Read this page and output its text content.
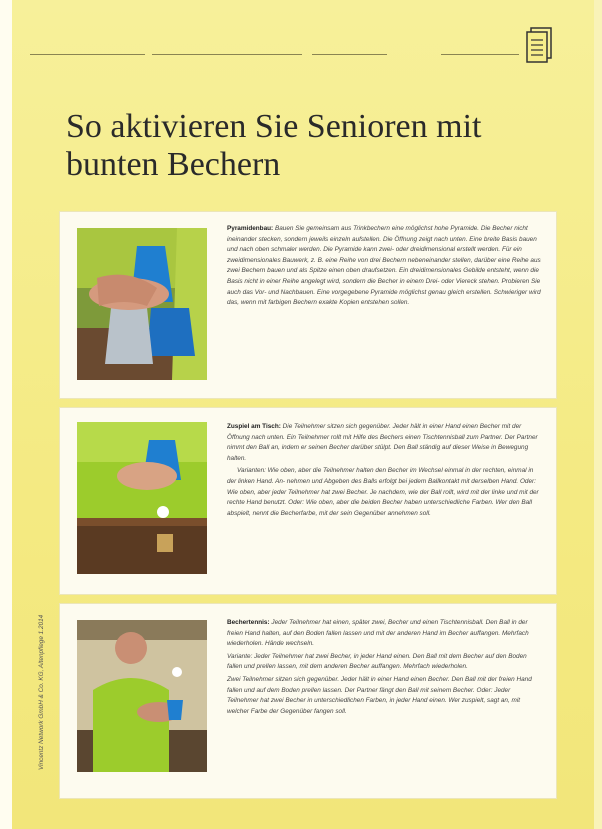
So aktivieren Sie Senioren mit bunten Bechern

Pyramidenbau: Bauen Sie gemeinsam aus Trinkbechern eine möglichst hohe Pyramide. Die Becher nicht ineinander stecken, sondern jeweils einzeln aufstellen. Die Öffnung zeigt nach unten. Eine breite Basis bauen und nach oben schmaler werden. Die Pyramide kann zwei- oder dreidimensional erstellt werden. Für ein zweidimensionales Bauwerk, z. B. eine Reihe von drei Bechern nebeneinander stellen, darüber eine Reihe aus zwei Bechern bauen und als Spitze einen oben draufsetzen. Ein dreidimensionales Gebilde entsteht, wenn die Basis nicht in einer Reihe angelegt wird, sondern die Becher in einem Drei- oder Viereck stehen. Probieren Sie auch das Vor- und Nachbauen. Eine vorgegebene Pyramide möglichst genau gleich erstellen. Schwieriger wird das, wenn mit farbigen Bechern exakte Kopien entstehen sollen.

Zuspiel am Tisch: Die Teilnehmer sitzen sich gegenüber. Jeder hält in einer Hand einen Becher mit der Öffnung nach unten. Ein Teilnehmer rollt mit Hilfe des Bechers einen Tischtennisball zum Partner. Der Partner nimmt den Ball an, indem er seinen Becher darüber stülpt. Den Ball ständig auf dieser Weise in Bewegung halten.

Varianten: Wie oben, aber die Teilnehmer halten den Becher im Wechsel einmal in der rechten, einmal in der linken Hand. An- nehmen und Abgeben des Balls erfolgt bei jedem Ballkontakt mit derselben Hand. Oder: Wie oben, aber jeder Teilnehmer hat zwei Becher. Je nachdem, wie der Ball rollt, wird mit der linke und mit der rechte Hand benutzt. Oder: Wie oben, aber die beiden Becher haben unterschiedliche Farben. Wer den Ball abspielt, nennt die Becherfarbe, mit der sein Gegenüber annehmen soll.

Bechertennis: Jeder Teilnehmer hat einen, später zwei, Becher und einen Tischtennisball. Den Ball in der freien Hand halten, auf den Boden fallen lassen und mit der anderen Hand im Becher auffangen. Mehrfach wiederholen. Hände wechseln.

Variante: Jeder Teilnehmer hat zwei Becher, in jeder Hand einen. Den Ball mit dem Becher auf den Boden fallen und prellen lassen, mit dem anderen Becher auffangen. Mehrfach wiederholen.

Zwei Teilnehmer sitzen sich gegenüber. Jeder hält in einer Hand einen Becher. Den Ball mit der freien Hand fallen und auf dem Boden prellen lassen. Der Partner fängt den Ball mit seinem Becher. Oder: Jeder Teilnehmer hat zwei Becher in unterschiedlichen Farben, in jeder Hand einen. Wer zuspielt, sagt an, mit welcher Farbe der Gegenüber fangen soll.

Vincentz Network GmbH & Co. KG, Altenpflege 1.2014
